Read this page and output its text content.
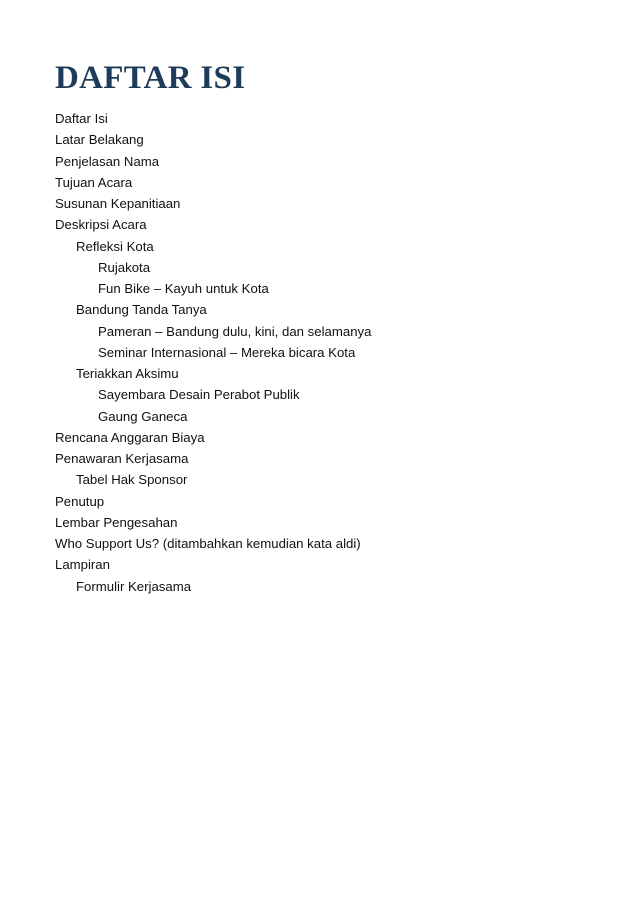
DAFTAR ISI
Daftar Isi
Latar Belakang
Penjelasan Nama
Tujuan Acara
Susunan Kepanitiaan
Deskripsi Acara
Refleksi Kota
Rujakota
Fun Bike – Kayuh untuk Kota
Bandung Tanda Tanya
Pameran – Bandung dulu, kini, dan selamanya
Seminar Internasional – Mereka bicara Kota
Teriakkan Aksimu
Sayembara Desain Perabot Publik
Gaung Ganeca
Rencana Anggaran Biaya
Penawaran Kerjasama
Tabel Hak Sponsor
Penutup
Lembar Pengesahan
Who Support Us? (ditambahkan kemudian kata aldi)
Lampiran
Formulir Kerjasama
